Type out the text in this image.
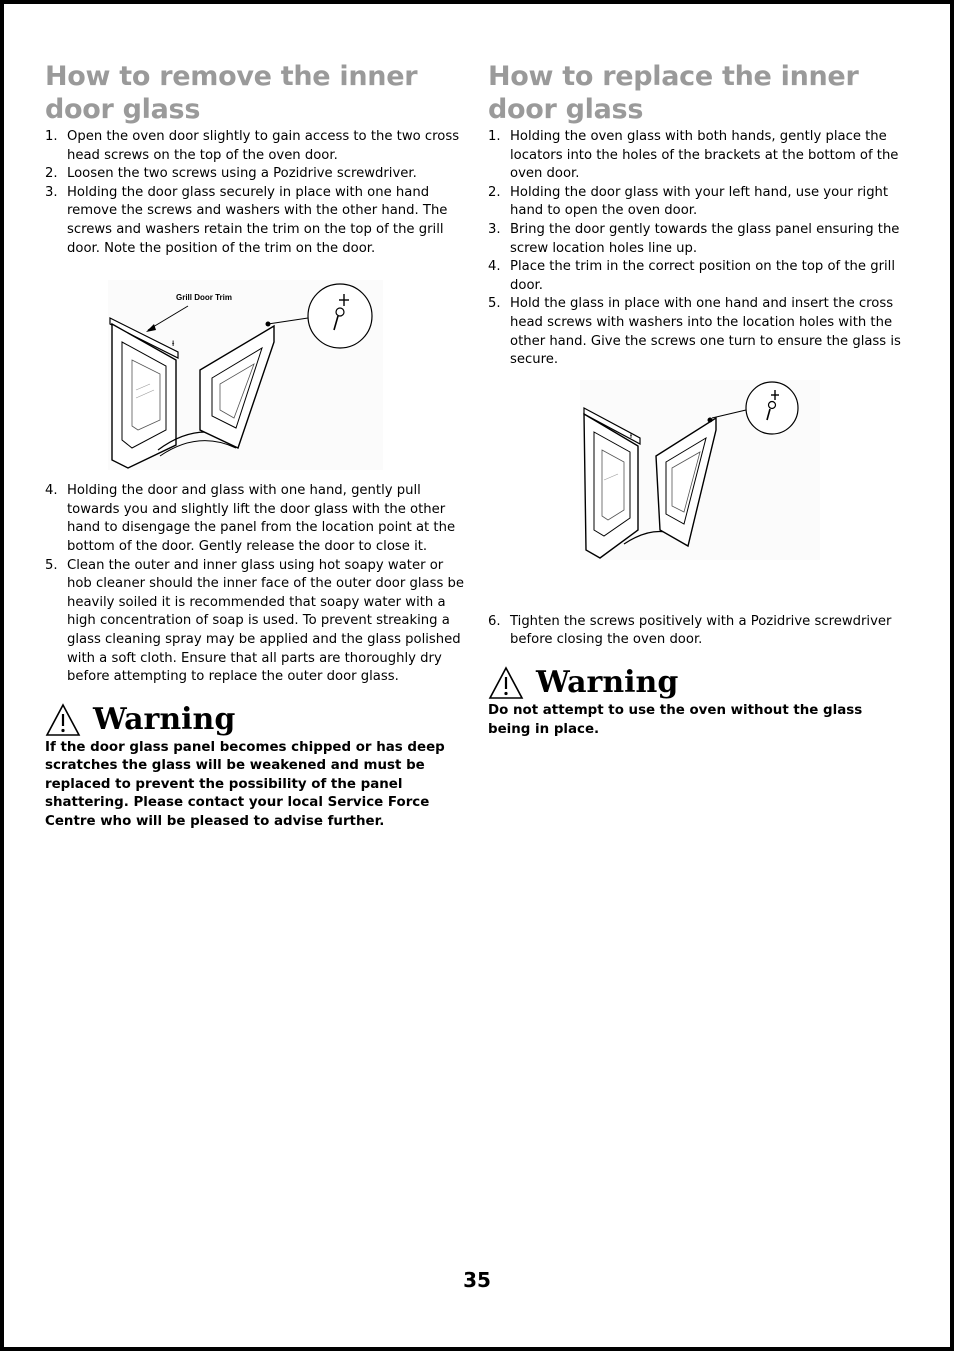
How to remove the inner door glass
1. Open the oven door slightly to gain access to the two cross head screws on the top of the oven door.
2. Loosen the two screws using a Pozidrive screwdriver.
3. Holding the door glass securely in place with one hand remove the screws and washers with the other hand. The screws and washers retain the trim on the top of the grill door. Note the position of the trim on the door.
Grill Door Trim
ᵻ
4. Holding the door and glass with one hand, gently pull towards you and slightly lift the door glass with the other hand to disengage the panel from the location point at the bottom of the door. Gently release the door to close it.
5. Clean the outer and inner glass using hot soapy water or hob cleaner should the inner face of the outer door glass be heavily soiled it is recommended that soapy water with a high concentration of soap is used. To prevent streaking a glass cleaning spray may be applied and the glass polished with a soft cloth. Ensure that all parts are thoroughly dry before attempting to replace the outer door glass.
Warning
If the door glass panel becomes chipped or has deep scratches the glass will be weakened and must be replaced to prevent the possibility of the panel shattering. Please contact your local Service Force Centre who will be pleased to advise further.
How to replace the inner door glass
1. Holding the oven glass with both hands, gently place the locators into the holes of the brackets at the bottom of the oven door.
2. Holding the door glass with your left hand, use your right hand to open the oven door.
3. Bring the door gently towards the glass panel ensuring the screw location holes line up.
4. Place the trim in the correct position on the top of the grill door.
5. Hold the glass in place with one hand and insert the cross head screws with washers into the location holes with the other hand. Give the screws one turn to ensure the glass is secure.
ᵻ
6. Tighten the screws positively with a Pozidrive screwdriver before closing the oven door.
Warning
Do not attempt to use the oven without the glass being in place.
35
